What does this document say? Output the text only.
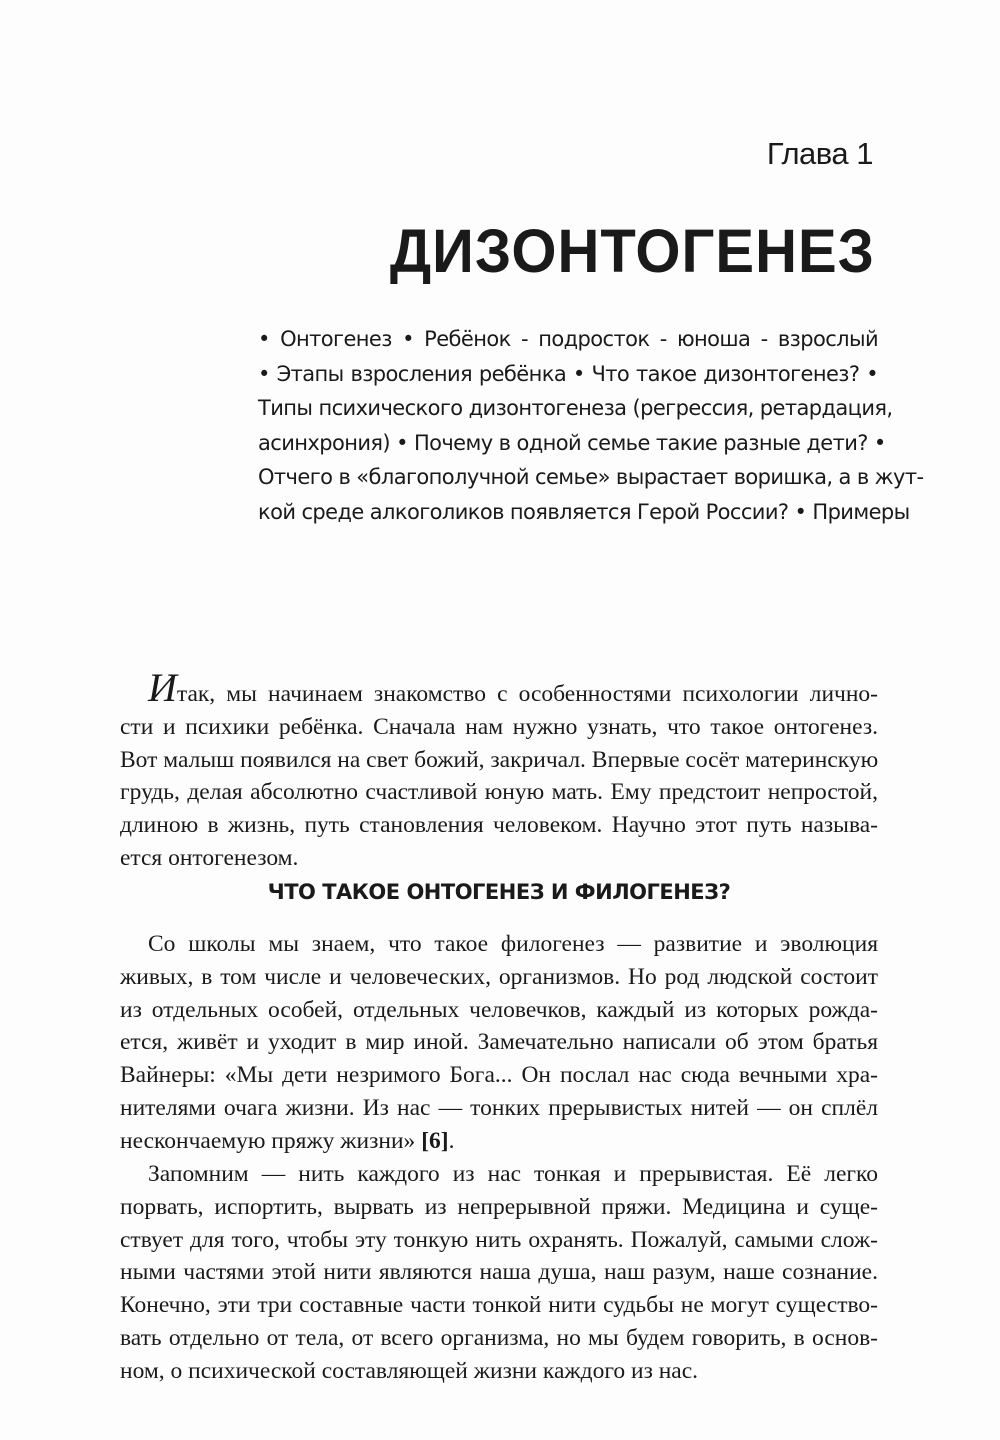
Глава 1
ДИЗОНТОГЕНЕЗ
• Онтогенез • Ребёнок - подросток - юноша - взрослый
• Этапы взросления ребёнка • Что такое дизонтогенез? •
Типы психического дизонтогенеза (регрессия, ретардация,
асинхрония) • Почему в одной семье такие разные дети? •
Отчего в «благополучной семье» вырастает воришка, а в жут-
кой среде алкоголиков появляется Герой России? • Примеры
Итак, мы начинаем знакомство с особенностями психологии лично-
сти и психики ребёнка. Сначала нам нужно узнать, что такое онтогенез.
Вот малыш появился на свет божий, закричал. Впервые сосёт материнскую
грудь, делая абсолютно счастливой юную мать. Ему предстоит непростой,
длиною в жизнь, путь становления человеком. Научно этот путь называ-
ется онтогенезом.
ЧТО ТАКОЕ ОНТОГЕНЕЗ И ФИЛОГЕНЕЗ?
Со школы мы знаем, что такое филогенез — развитие и эволюция
живых, в том числе и человеческих, организмов. Но род людской состоит
из отдельных особей, отдельных человечков, каждый из которых рожда-
ется, живёт и уходит в мир иной. Замечательно написали об этом братья
Вайнеры: «Мы дети незримого Бога... Он послал нас сюда вечными хра-
нителями очага жизни. Из нас — тонких прерывистых нитей — он сплёл
нескончаемую пряжу жизни» [6].
Запомним — нить каждого из нас тонкая и прерывистая. Её легко
порвать, испортить, вырвать из непрерывной пряжи. Медицина и суще-
ствует для того, чтобы эту тонкую нить охранять. Пожалуй, самыми слож-
ными частями этой нити являются наша душа, наш разум, наше сознание.
Конечно, эти три составные части тонкой нити судьбы не могут существо-
вать отдельно от тела, от всего организма, но мы будем говорить, в основ-
ном, о психической составляющей жизни каждого из нас.
